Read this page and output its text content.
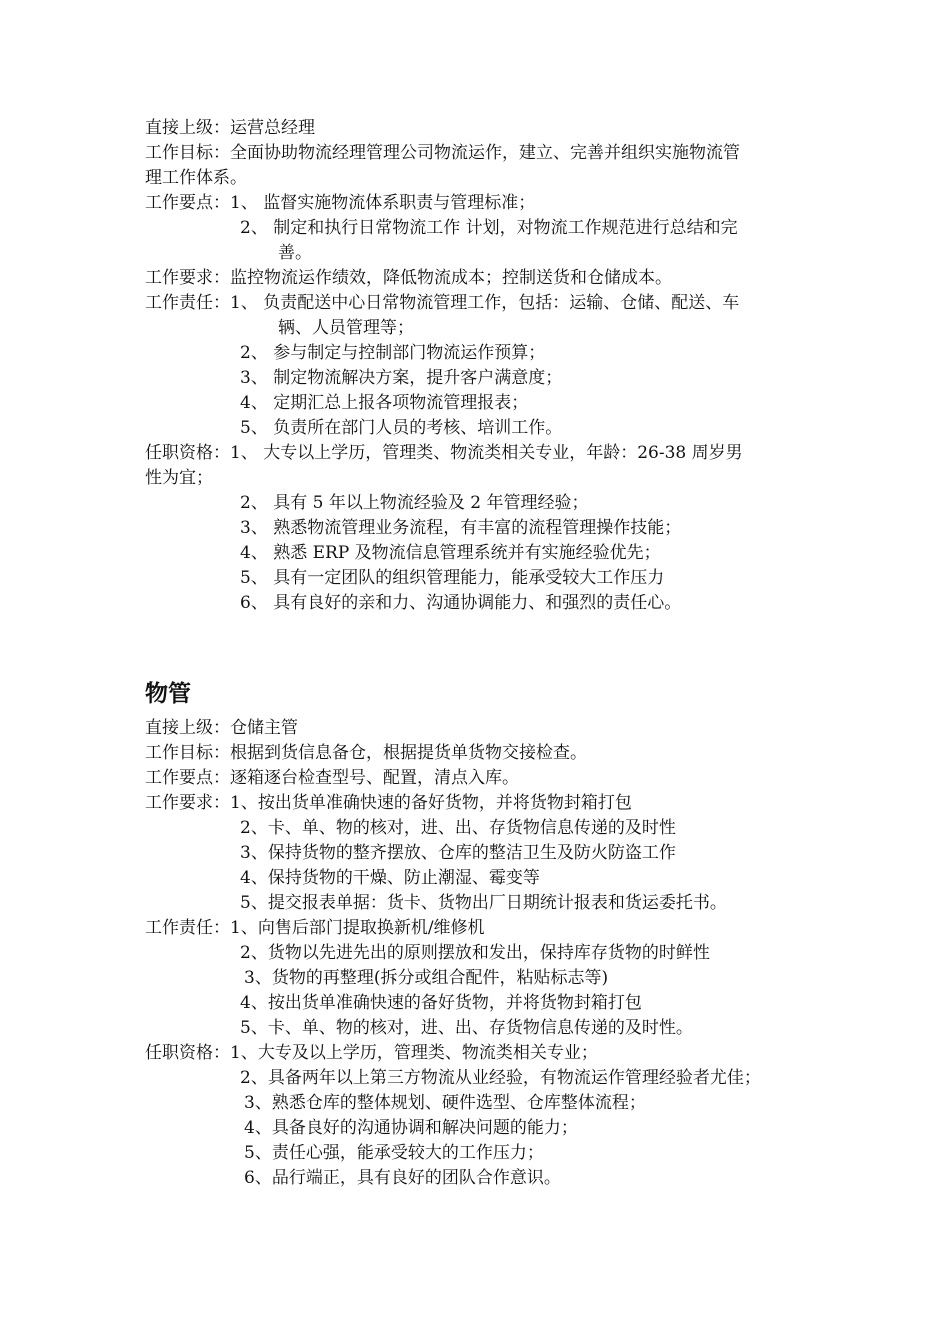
直接上级：运营总经理
工作目标：全面协助物流经理管理公司物流运作，建立、完善并组织实施物流管
理工作体系。
工作要点：1、 监督实施物流体系职责与管理标准；
2、 制定和执行日常物流工作 计划，对物流工作规范进行总结和完
善。
工作要求：监控物流运作绩效，降低物流成本；控制送货和仓储成本。
工作责任：1、 负责配送中心日常物流管理工作，包括：运输、仓储、配送、车
辆、人员管理等；
2、 参与制定与控制部门物流运作预算；
3、 制定物流解决方案，提升客户满意度；
4、 定期汇总上报各项物流管理报表；
5、 负责所在部门人员的考核、培训工作。
任职资格：1、 大专以上学历，管理类、物流类相关专业，年龄：26-38 周岁男
性为宜；
2、 具有 5 年以上物流经验及 2 年管理经验；
3、 熟悉物流管理业务流程，有丰富的流程管理操作技能；
4、 熟悉 ERP 及物流信息管理系统并有实施经验优先；
5、 具有一定团队的组织管理能力，能承受较大工作压力
6、 具有良好的亲和力、沟通协调能力、和强烈的责任心。
物管
直接上级：仓储主管
工作目标：根据到货信息备仓，根据提货单货物交接检查。
工作要点：逐箱逐台检查型号、配置，清点入库。
工作要求：1、按出货单准确快速的备好货物，并将货物封箱打包
2、卡、单、物的核对，进、出、存货物信息传递的及时性
3、保持货物的整齐摆放、仓库的整洁卫生及防火防盗工作
4、保持货物的干燥、防止潮湿、霉变等
5、提交报表单据：货卡、货物出厂日期统计报表和货运委托书。
工作责任：1、向售后部门提取换新机/维修机
2、货物以先进先出的原则摆放和发出，保持库存货物的时鲜性
3、货物的再整理(拆分或组合配件，粘贴标志等)
4、按出货单准确快速的备好货物，并将货物封箱打包
5、卡、单、物的核对，进、出、存货物信息传递的及时性。
任职资格：1、大专及以上学历，管理类、物流类相关专业；
2、具备两年以上第三方物流从业经验，有物流运作管理经验者尤佳；
3、熟悉仓库的整体规划、硬件选型、仓库整体流程；
4、具备良好的沟通协调和解决问题的能力；
5、责任心强，能承受较大的工作压力；
6、品行端正，具有良好的团队合作意识。
